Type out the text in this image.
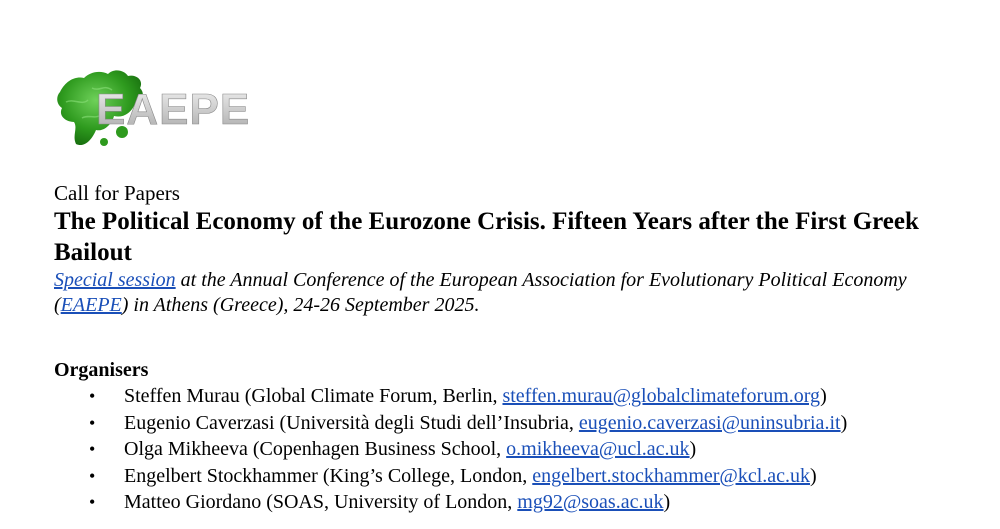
EAEPE

Call for Papers

The Political Economy of the Eurozone Crisis. Fifteen Years after the First Greek Bailout

Special session at the Annual Conference of the European Association for Evolutionary Political Economy (EAEPE) in Athens (Greece), 24-26 September 2025.

Organisers
• Steffen Murau (Global Climate Forum, Berlin, steffen.murau@globalclimateforum.org)
• Eugenio Caverzasi (Università degli Studi dell’Insubria, eugenio.caverzasi@uninsubria.it)
• Olga Mikheeva (Copenhagen Business School, o.mikheeva@ucl.ac.uk)
• Engelbert Stockhammer (King’s College, London, engelbert.stockhammer@kcl.ac.uk)
• Matteo Giordano (SOAS, University of London, mg92@soas.ac.uk)
